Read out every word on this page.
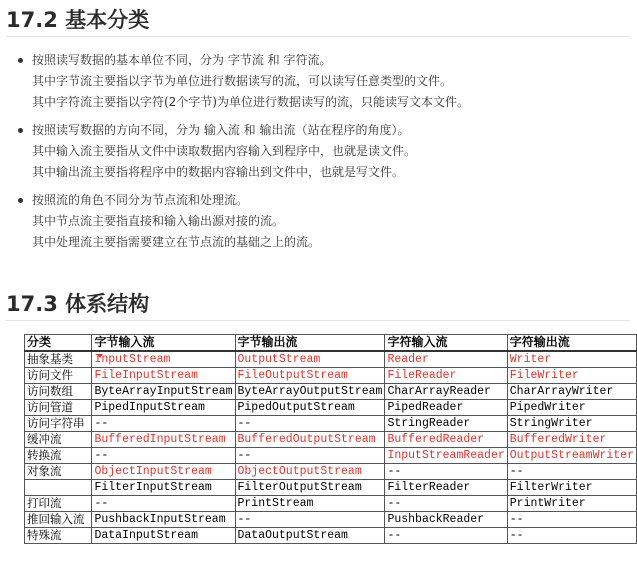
17.2 基本分类
按照读写数据的基本单位不同，分为 字节流 和 字符流。
其中字节流主要指以字节为单位进行数据读写的流，可以读写任意类型的文件。
其中字符流主要指以字符(2个字节)为单位进行数据读写的流，只能读写文本文件。
按照读写数据的方向不同，分为 输入流 和 输出流（站在程序的角度）。
其中输入流主要指从文件中读取数据内容输入到程序中，也就是读文件。
其中输出流主要指将程序中的数据内容输出到文件中，也就是写文件。
按照流的角色不同分为节点流和处理流。
其中节点流主要指直接和输入输出源对接的流。
其中处理流主要指需要建立在节点流的基础之上的流。
17.3 体系结构
分类	字节输入流	字节输出流	字符输入流	字符输出流
抽象基类	InputStream	OutputStream	Reader	Writer
访问文件	FileInputStream	FileOutputStream	FileReader	FileWriter
访问数组	ByteArrayInputStream	ByteArrayOutputStream	CharArrayReader	CharArrayWriter
访问管道	PipedInputStream	PipedOutputStream	PipedReader	PipedWriter
访问字符串	--	--	StringReader	StringWriter
缓冲流	BufferedInputStream	BufferedOutputStream	BufferedReader	BufferedWriter
转换流	--	--	InputStreamReader	OutputStreamWriter
对象流	ObjectInputStream	ObjectOutputStream	--	--
	FilterInputStream	FilterOutputStream	FilterReader	FilterWriter
打印流	--	PrintStream	--	PrintWriter
推回输入流	PushbackInputStream	--	PushbackReader	--
特殊流	DataInputStream	DataOutputStream	--	--
